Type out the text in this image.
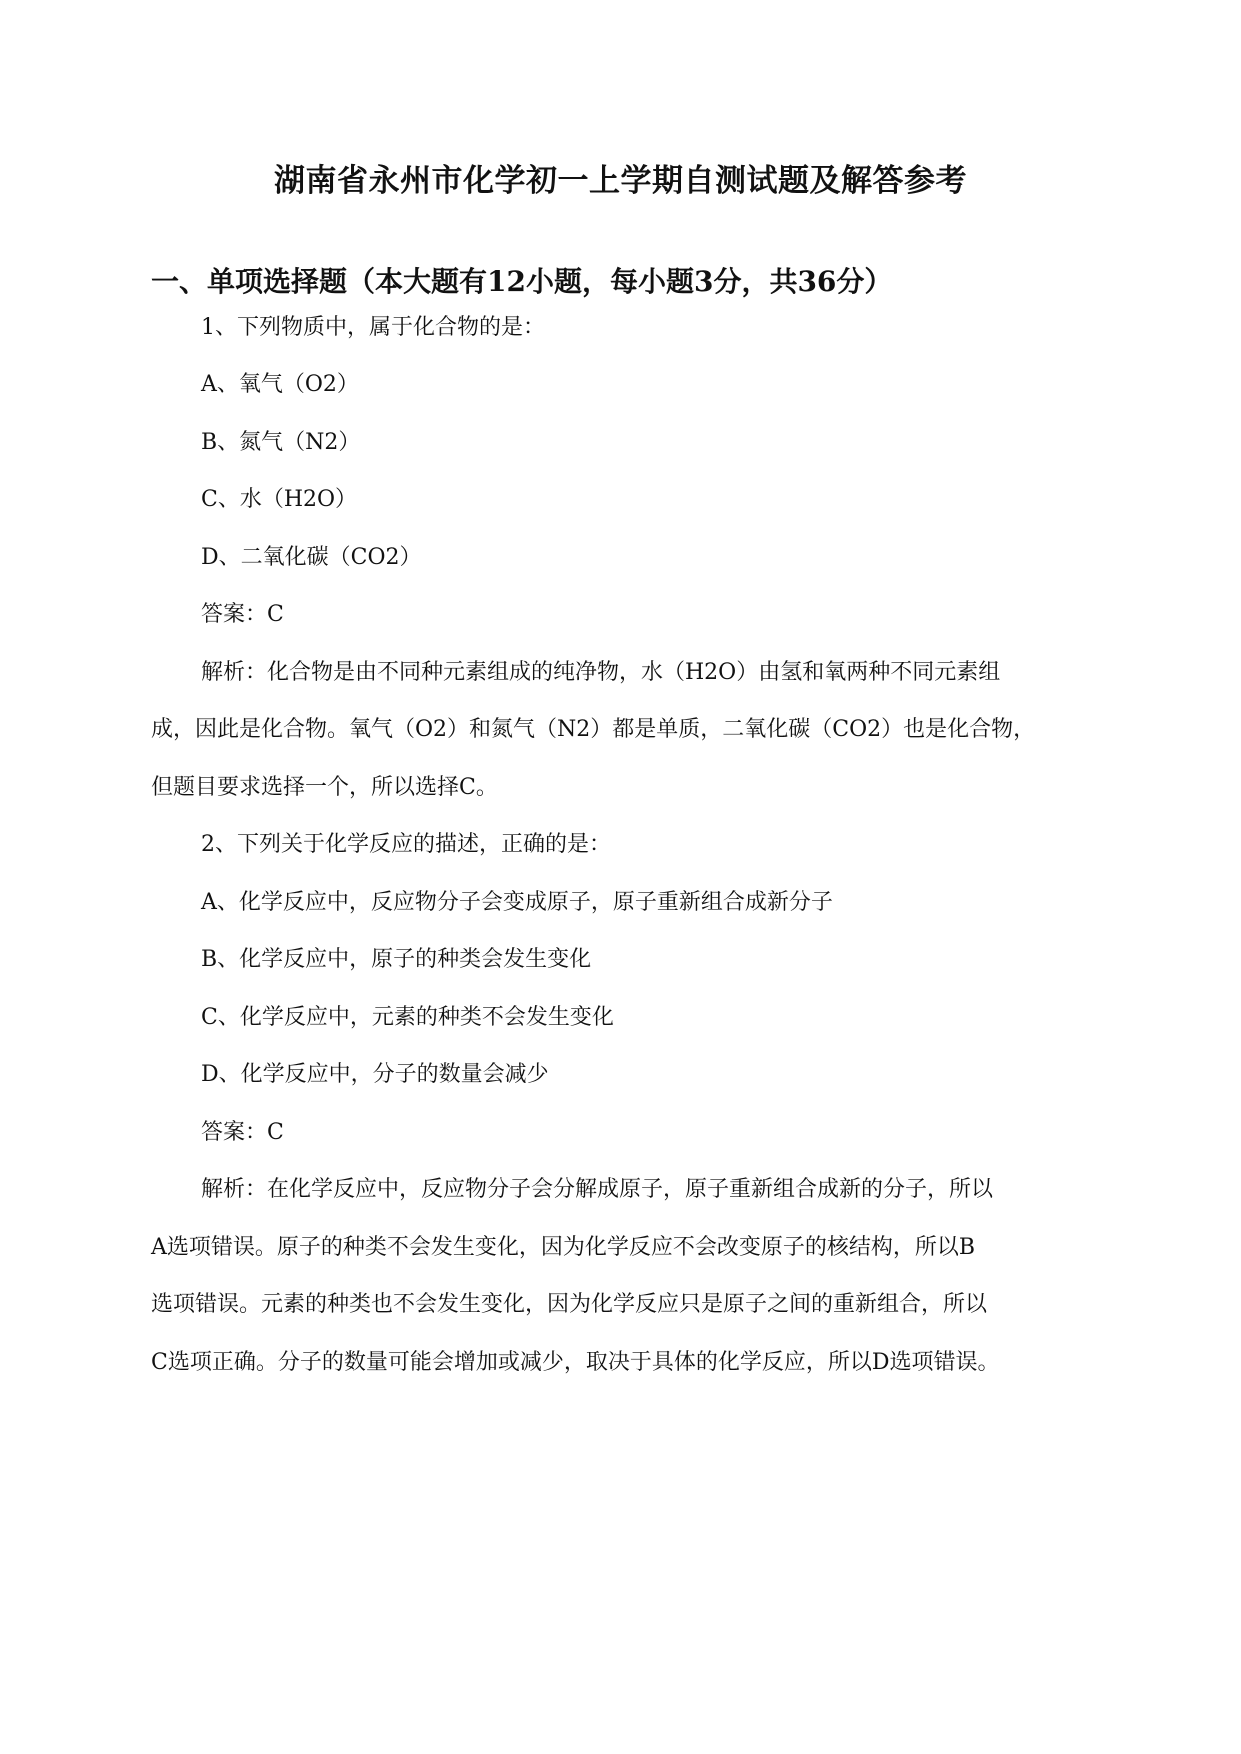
湖南省永州市化学初一上学期自测试题及解答参考
一、单项选择题（本大题有12小题，每小题3分，共36分）
1、下列物质中，属于化合物的是：
A、氧气（O2）
B、氮气（N2）
C、水（H2O）
D、二氧化碳（CO2）
答案：C
解析：化合物是由不同种元素组成的纯净物，水（H2O）由氢和氧两种不同元素组
成，因此是化合物。氧气（O2）和氮气（N2）都是单质，二氧化碳（CO2）也是化合物，
但题目要求选择一个，所以选择C。
2、下列关于化学反应的描述，正确的是：
A、化学反应中，反应物分子会变成原子，原子重新组合成新分子
B、化学反应中，原子的种类会发生变化
C、化学反应中，元素的种类不会发生变化
D、化学反应中，分子的数量会减少
答案：C
解析：在化学反应中，反应物分子会分解成原子，原子重新组合成新的分子，所以
A选项错误。原子的种类不会发生变化，因为化学反应不会改变原子的核结构，所以B
选项错误。元素的种类也不会发生变化，因为化学反应只是原子之间的重新组合，所以
C选项正确。分子的数量可能会增加或减少，取决于具体的化学反应，所以D选项错误。
